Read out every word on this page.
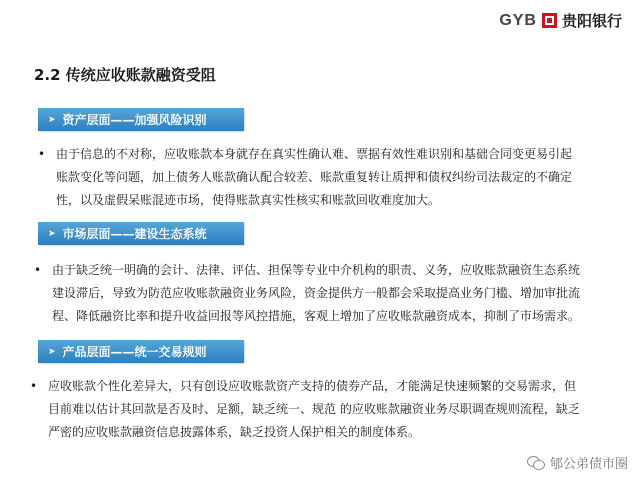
GYB 贵阳银行
2.2 传统应收账款融资受阻
➤ 资产层面——加强风险识别
• 由于信息的不对称，应收账款本身就存在真实性确认难、票据有效性难识别和基础合同变更易引起
账款变化等问题，加上债务人账款确认配合较差、账款重复转让质押和债权纠纷司法裁定的不确定
性，以及虚假呆账混迹市场，使得账款真实性核实和账款回收难度加大。
➤ 市场层面——建设生态系统
• 由于缺乏统一明确的会计、法律、评估、担保等专业中介机构的职责、义务，应收账款融资生态系统
建设滞后，导致为防范应收账款融资业务风险，资金提供方一般都会采取提高业务门槛、增加审批流
程、降低融资比率和提升收益回报等风控措施，客观上增加了应收账款融资成本，抑制了市场需求。
➤ 产品层面——统一交易规则
• 应收账款个性化差异大，只有创设应收账款资产支持的债券产品，才能满足快速频繁的交易需求，但
目前难以估计其回款是否及时、足额，缺乏统一、规范 的应收账款融资业务尽职调查规则流程，缺乏
严密的应收账款融资信息披露体系，缺乏投资人保护相关的制度体系。
郇公弟债市圈
